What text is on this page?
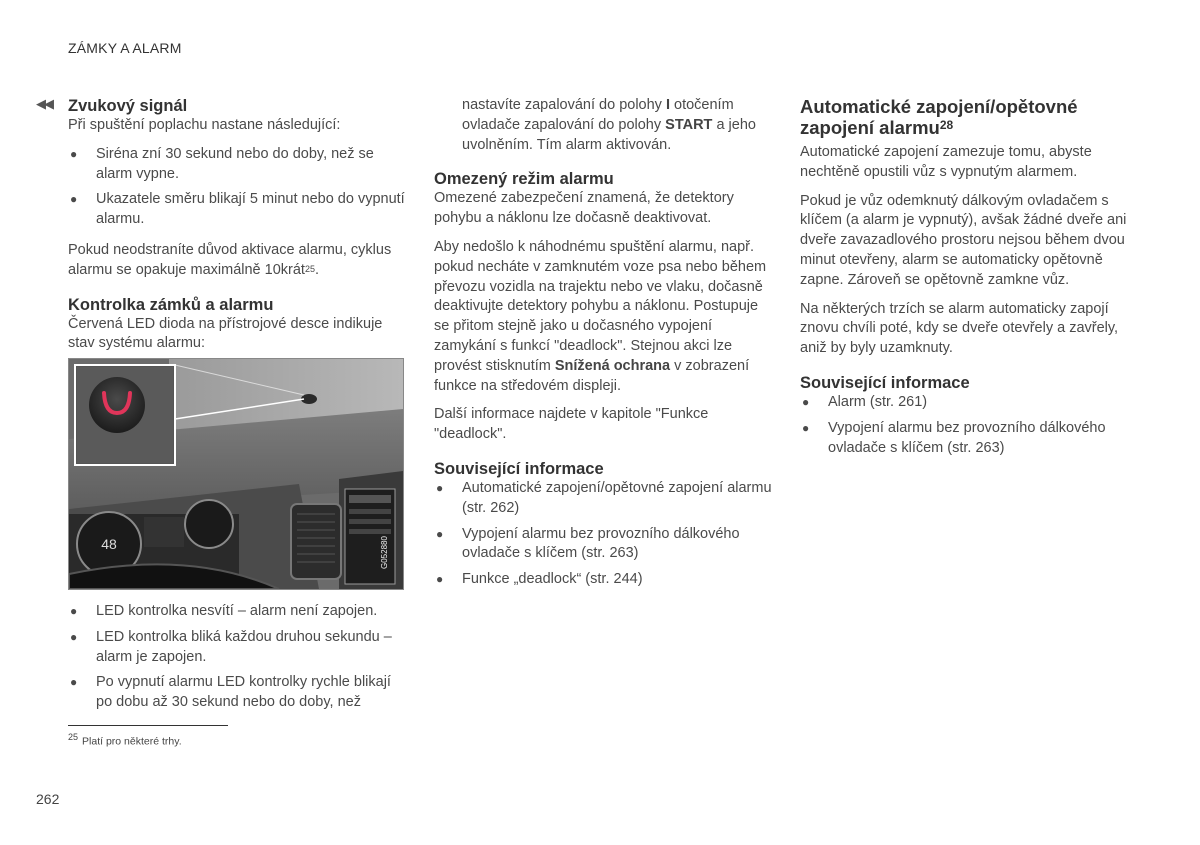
ZÁMKY A ALARM
◀◀ Zvukový signál

Při spuštění poplachu nastane následující:

● Siréna zní 30 sekund nebo do doby, než se alarm vypne.
● Ukazatele směru blikají 5 minut nebo do vypnutí alarmu.

Pokud neodstraníte důvod aktivace alarmu, cyklus alarmu se opakuje maximálně 10krát$^{25}$.

Kontrolka zámků a alarmu

Červená LED dioda na přístrojové desce indikuje stav systému alarmu:

48	G052880
● LED kontrolka nesvítí – alarm není zapojen.
● LED kontrolka bliká každou druhou sekundu – alarm je zapojen.
● Po vypnutí alarmu LED kontrolky rychle blikají po dobu až 30 sekund nebo do doby, než

nastavíte zapalování do polohy I otočením ovladače zapalování do polohy START a jeho uvolněním. Tím alarm aktivován.

Omezený režim alarmu

Omezené zabezpečení znamená, že detektory pohybu a náklonu lze dočasně deaktivovat.

Aby nedošlo k náhodnému spuštění alarmu, např. pokud necháte v zamknutém voze psa nebo během převozu vozidla na trajektu nebo ve vlaku, dočasně deaktivujte detektory pohybu a náklonu. Postupuje se přitom stejně jako u dočasného vypojení zamykání s funkcí "deadlock". Stejnou akci lze provést stisknutím Snížená ochrana v zobrazení funkce na středovém displeji.

Další informace najdete v kapitole "Funkce "deadlock".

Související informace
● Automatické zapojení/opětovné zapojení alarmu (str. 262)
● Vypojení alarmu bez provozního dálkového ovladače s klíčem (str. 263)
● Funkce „deadlock“ (str. 244)
Automatické zapojení/opětovné zapojení alarmu$^{28}$

Automatické zapojení zamezuje tomu, abyste nechtěně opustili vůz s vypnutým alarmem.

Pokud je vůz odemknutý dálkovým ovladačem s klíčem (a alarm je vypnutý), avšak žádné dveře ani dveře zavazadlového prostoru nejsou během dvou minut otevřeny, alarm se automaticky opětovně zapne. Zároveň se opětovně zamkne vůz.

Na některých trzích se alarm automaticky zapojí znovu chvíli poté, kdy se dveře otevřely a zavřely, aniž by byly uzamknuty.

Související informace
● Alarm (str. 261)
● Vypojení alarmu bez provozního dálkového ovladače s klíčem (str. 263)
$^{25}$ Platí pro některé trhy.
262
